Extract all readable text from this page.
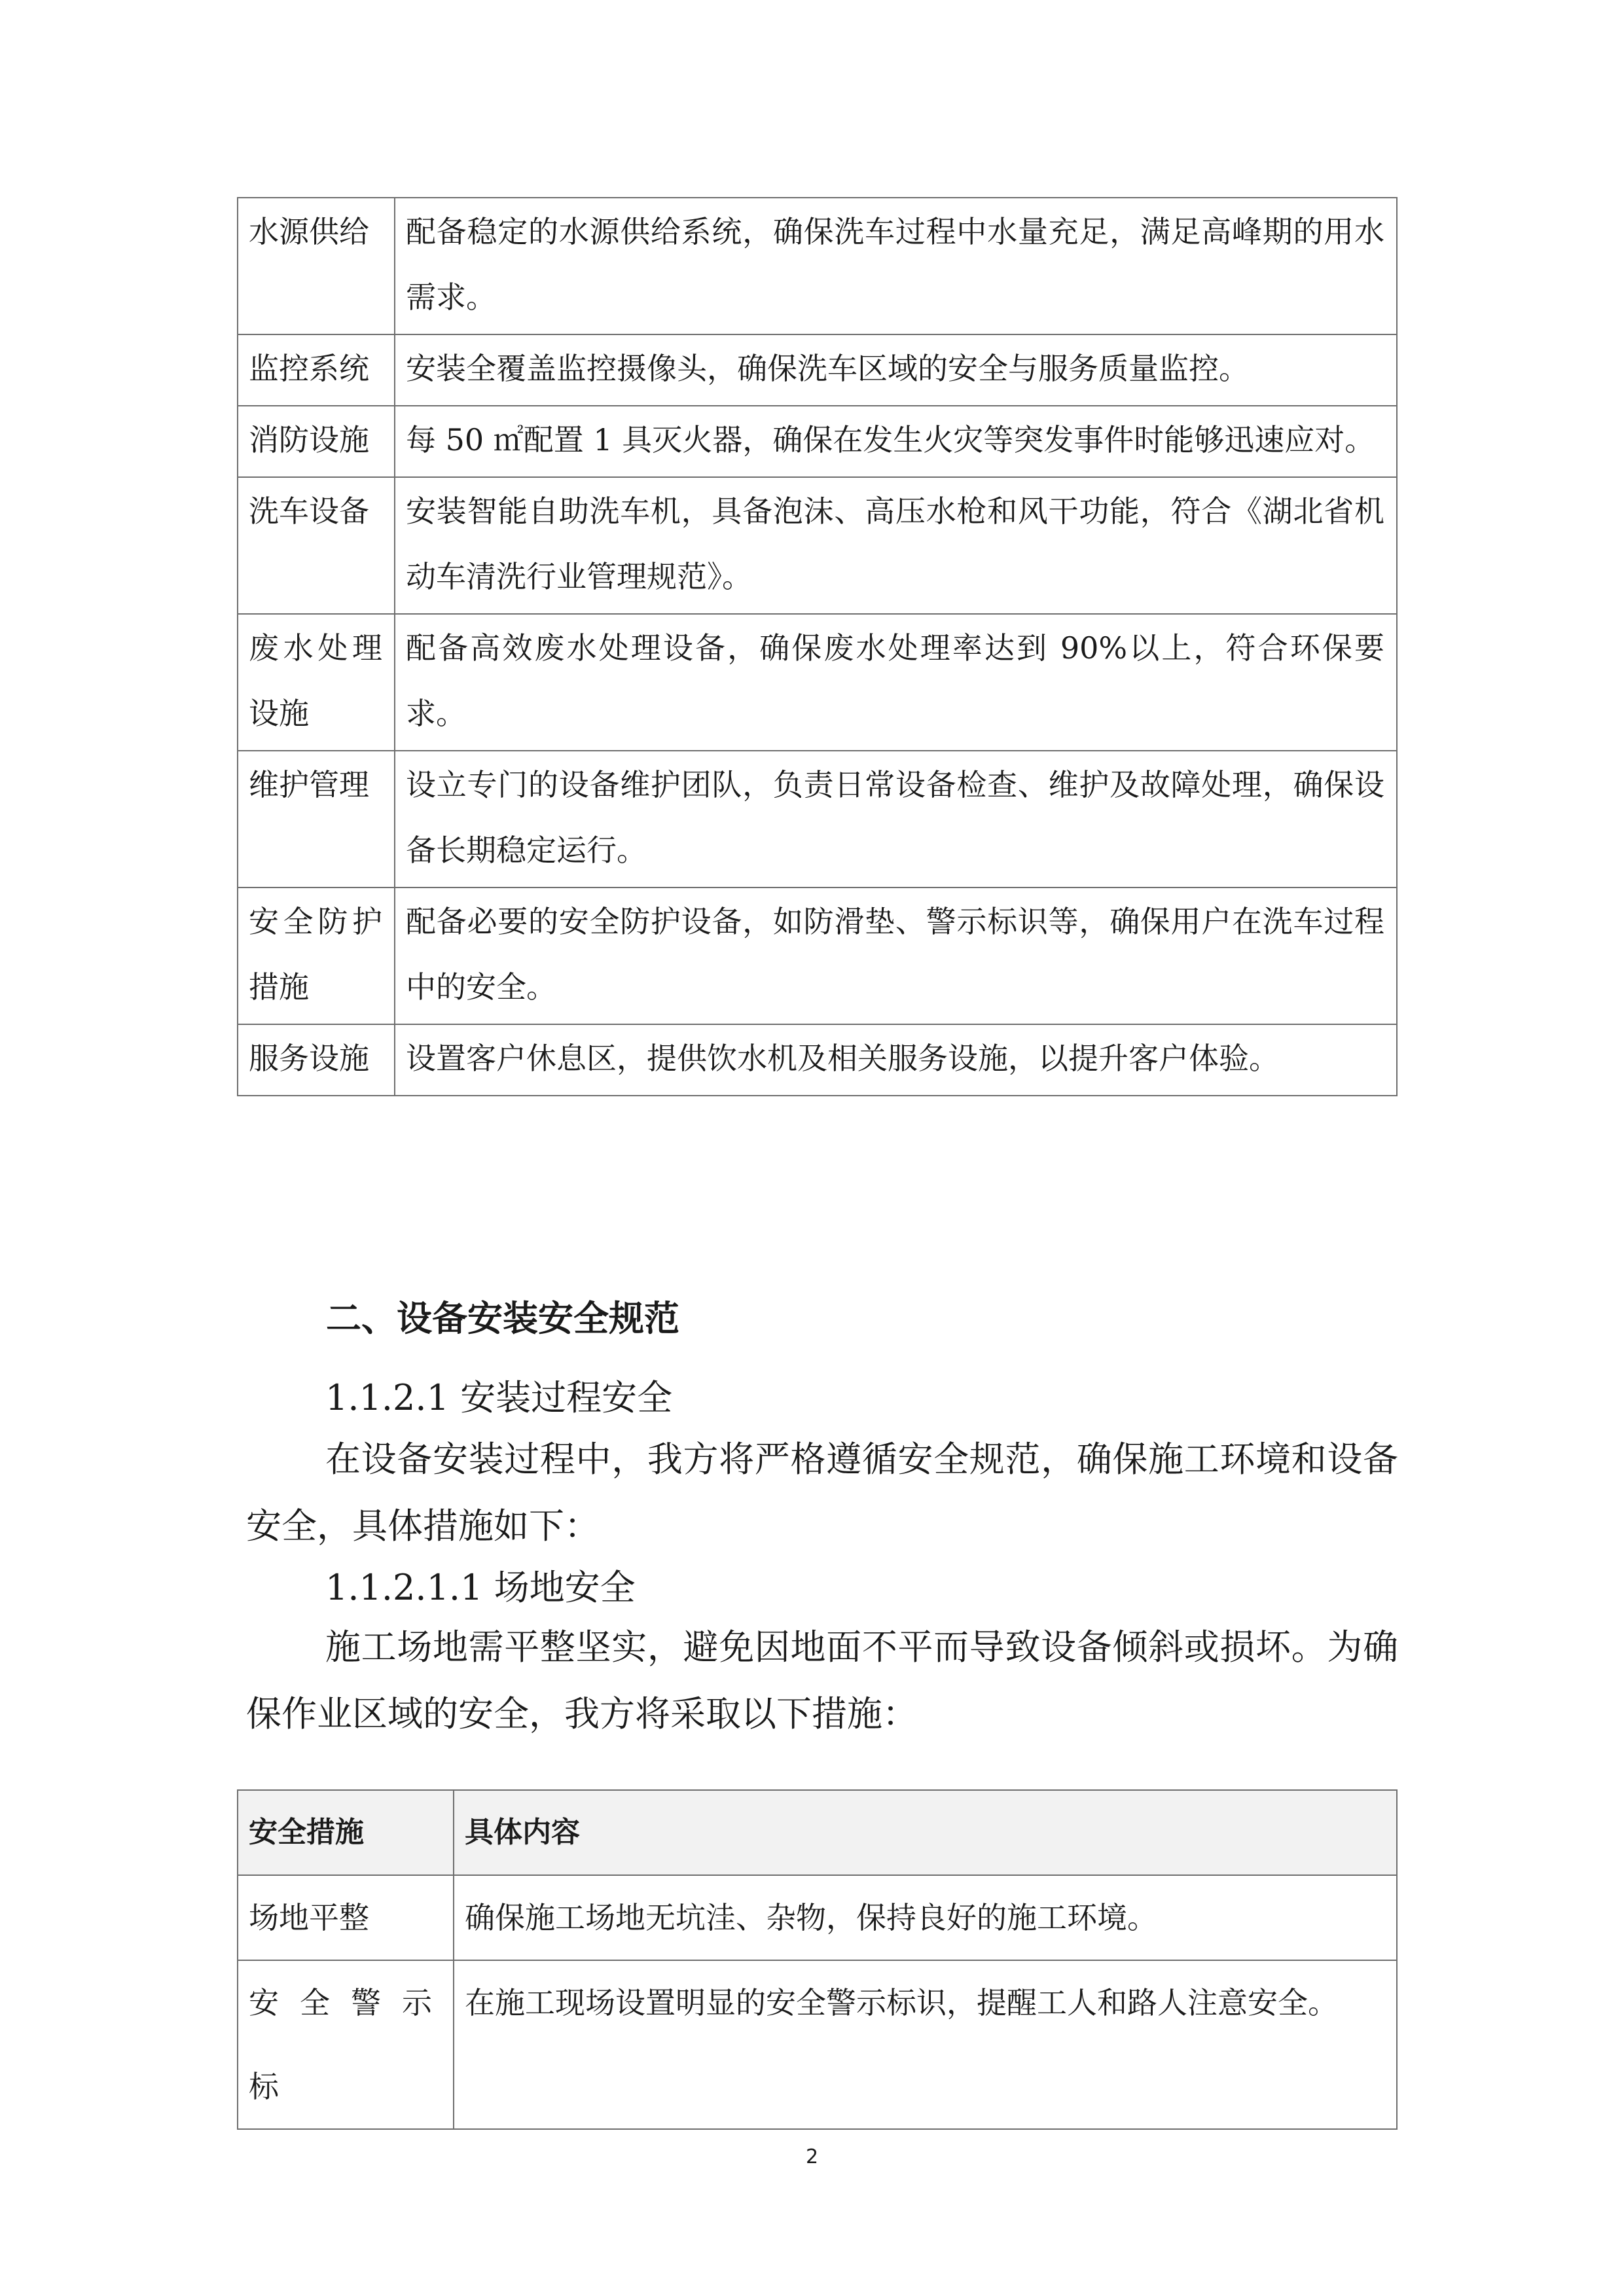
水源供给	配备稳定的水源供给系统，确保洗车过程中水量充足，满足高峰期的用水需求。
监控系统	安装全覆盖监控摄像头，确保洗车区域的安全与服务质量监控。
消防设施	每 50 ㎡配置 1 具灭火器，确保在发生火灾等突发事件时能够迅速应对。
洗车设备	安装智能自助洗车机，具备泡沫、高压水枪和风干功能，符合《湖北省机动车清洗行业管理规范》。
废水处理设施	配备高效废水处理设备，确保废水处理率达到 90%以上，符合环保要求。
维护管理	设立专门的设备维护团队，负责日常设备检查、维护及故障处理，确保设备长期稳定运行。
安全防护措施	配备必要的安全防护设备，如防滑垫、警示标识等，确保用户在洗车过程中的安全。
服务设施	设置客户休息区，提供饮水机及相关服务设施，以提升客户体验。
二、设备安装安全规范
1.1.2.1 安装过程安全
在设备安装过程中，我方将严格遵循安全规范，确保施工环境和设备安全，具体措施如下：
1.1.2.1.1 场地安全
施工场地需平整坚实，避免因地面不平而导致设备倾斜或损坏。为确保作业区域的安全，我方将采取以下措施：
安全措施	具体内容
场地平整	确保施工场地无坑洼、杂物，保持良好的施工环境。
安全警示标	在施工现场设置明显的安全警示标识，提醒工人和路人注意安全。
2
